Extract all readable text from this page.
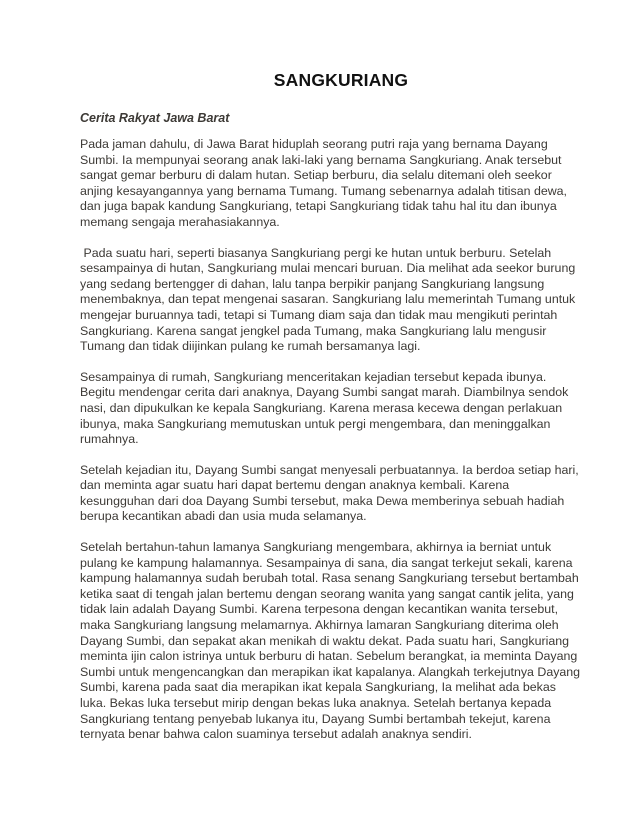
SANGKURIANG
Cerita Rakyat Jawa Barat

Pada jaman dahulu, di Jawa Barat hiduplah seorang putri raja yang bernama Dayang Sumbi. Ia mempunyai seorang anak laki-laki yang bernama Sangkuriang. Anak tersebut sangat gemar berburu di dalam hutan. Setiap berburu, dia selalu ditemani oleh seekor anjing kesayangannya yang bernama Tumang. Tumang sebenarnya adalah titisan dewa, dan juga bapak kandung Sangkuriang, tetapi Sangkuriang tidak tahu hal itu dan ibunya memang sengaja merahasiakannya.

Pada suatu hari, seperti biasanya Sangkuriang pergi ke hutan untuk berburu. Setelah sesampainya di hutan, Sangkuriang mulai mencari buruan. Dia melihat ada seekor burung yang sedang bertengger di dahan, lalu tanpa berpikir panjang Sangkuriang langsung menembaknya, dan tepat mengenai sasaran. Sangkuriang lalu memerintah Tumang untuk mengejar buruannya tadi, tetapi si Tumang diam saja dan tidak mau mengikuti perintah Sangkuriang. Karena sangat jengkel pada Tumang, maka Sangkuriang lalu mengusir Tumang dan tidak diijinkan pulang ke rumah bersamanya lagi.

Sesampainya di rumah, Sangkuriang menceritakan kejadian tersebut kepada ibunya. Begitu mendengar cerita dari anaknya, Dayang Sumbi sangat marah. Diambilnya sendok nasi, dan dipukulkan ke kepala Sangkuriang. Karena merasa kecewa dengan perlakuan ibunya, maka Sangkuriang memutuskan untuk pergi mengembara, dan meninggalkan rumahnya.

Setelah kejadian itu, Dayang Sumbi sangat menyesali perbuatannya. Ia berdoa setiap hari, dan meminta agar suatu hari dapat bertemu dengan anaknya kembali. Karena kesungguhan dari doa Dayang Sumbi tersebut, maka Dewa memberinya sebuah hadiah berupa kecantikan abadi dan usia muda selamanya.

Setelah bertahun-tahun lamanya Sangkuriang mengembara, akhirnya ia berniat untuk pulang ke kampung halamannya. Sesampainya di sana, dia sangat terkejut sekali, karena kampung halamannya sudah berubah total. Rasa senang Sangkuriang tersebut bertambah ketika saat di tengah jalan bertemu dengan seorang wanita yang sangat cantik jelita, yang tidak lain adalah Dayang Sumbi. Karena terpesona dengan kecantikan wanita tersebut, maka Sangkuriang langsung melamarnya. Akhirnya lamaran Sangkuriang diterima oleh Dayang Sumbi, dan sepakat akan menikah di waktu dekat. Pada suatu hari, Sangkuriang meminta ijin calon istrinya untuk berburu di hatan. Sebelum berangkat, ia meminta Dayang Sumbi untuk mengencangkan dan merapikan ikat kapalanya. Alangkah terkejutnya Dayang Sumbi, karena pada saat dia merapikan ikat kepala Sangkuriang, Ia melihat ada bekas luka. Bekas luka tersebut mirip dengan bekas luka anaknya. Setelah bertanya kepada Sangkuriang tentang penyebab lukanya itu, Dayang Sumbi bertambah tekejut, karena ternyata benar bahwa calon suaminya tersebut adalah anaknya sendiri.
